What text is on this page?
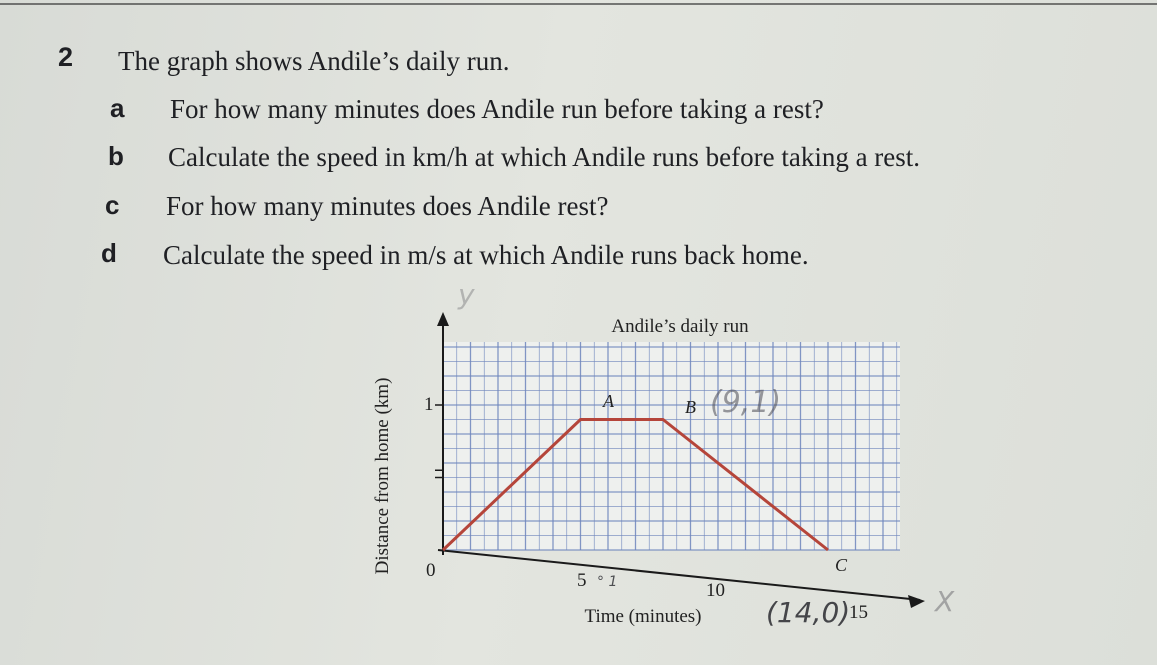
2 The graph shows Andile’s daily run.
a For how many minutes does Andile run before taking a rest?
b Calculate the speed in km/h at which Andile runs before taking a rest.
c For how many minutes does Andile rest?
d Calculate the speed in m/s at which Andile runs back home.
Andile’s daily run
Distance from home (km)
Time (minutes)
0
1
5	10
15
A	B
C
(9,1)
(14,0)
° 1
y
X
